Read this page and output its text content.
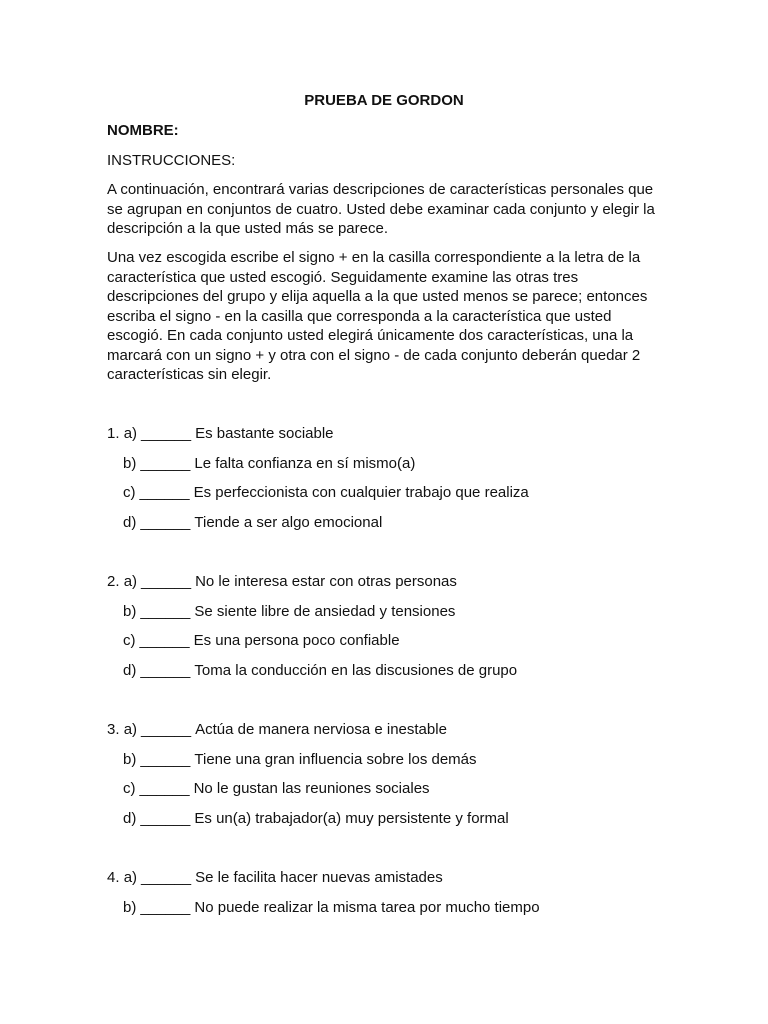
PRUEBA DE GORDON
NOMBRE:
INSTRUCCIONES:

A continuación, encontrará varias descripciones de características personales que se agrupan en conjuntos de cuatro. Usted debe examinar cada conjunto y elegir la descripción a la que usted más se parece.

Una vez escogida escribe el signo + en la casilla correspondiente a la letra de la característica que usted escogió. Seguidamente examine las otras tres descripciones del grupo y elija aquella a la que usted menos se parece; entonces escriba el signo - en la casilla que corresponda a la característica que usted escogió. En cada conjunto usted elegirá únicamente dos características, una la marcará con un signo + y otra con el signo - de cada conjunto deberán quedar 2 características sin elegir.

1. a) ______ Es bastante sociable
b) ______ Le falta confianza en sí mismo(a)
c) ______ Es perfeccionista con cualquier trabajo que realiza
d) ______ Tiende a ser algo emocional
2. a) ______ No le interesa estar con otras personas
b) ______ Se siente libre de ansiedad y tensiones
c) ______ Es una persona poco confiable
d) ______ Toma la conducción en las discusiones de grupo
3. a) ______ Actúa de manera nerviosa e inestable
b) ______ Tiene una gran influencia sobre los demás
c) ______ No le gustan las reuniones sociales
d) ______ Es un(a) trabajador(a) muy persistente y formal
4. a) ______ Se le facilita hacer nuevas amistades
b) ______ No puede realizar la misma tarea por mucho tiempo
